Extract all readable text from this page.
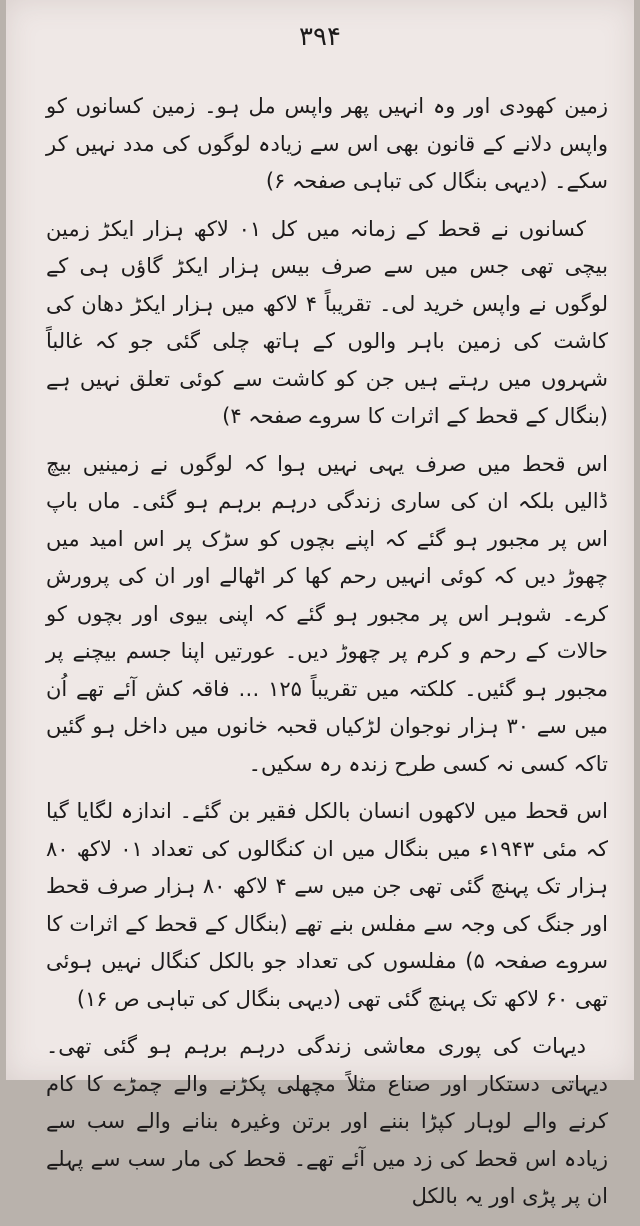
۳۹۴

زمین کھودی اور وہ انہیں پھر واپس مل ہو۔ زمین کسانوں کو واپس دلانے کے قانون بھی اس سے زیادہ لوگوں کی مدد نہیں کر سکے۔ (دیہی بنگال کی تباہی صفحہ ۶)

کسانوں نے قحط کے زمانہ میں کل ۰۱ لاکھ ہزار ایکڑ زمین بیچی تھی جس میں سے صرف بیس ہزار ایکڑ گاؤں ہی کے لوگوں نے واپس خرید لی۔ تقریباً ۴ لاکھ میں ہزار ایکڑ دھان کی کاشت کی زمین باہر والوں کے ہاتھ چلی گئی جو کہ غالباً شہروں میں رہتے ہیں جن کو کاشت سے کوئی تعلق نہیں ہے (بنگال کے قحط کے اثرات کا سروے صفحہ ۴)

اس قحط میں صرف یہی نہیں ہوا کہ لوگوں نے زمینیں بیچ ڈالیں بلکہ ان کی ساری زندگی درہم برہم ہو گئی۔ ماں باپ اس پر مجبور ہو گئے کہ اپنے بچوں کو سڑک پر اس امید میں چھوڑ دیں کہ کوئی انہیں رحم کھا کر اٹھالے اور ان کی پرورش کرے۔ شوہر اس پر مجبور ہو گئے کہ اپنی بیوی اور بچوں کو حالات کے رحم و کرم پر چھوڑ دیں۔ عورتیں اپنا جسم بیچنے پر مجبور ہو گئیں۔ کلکتہ میں تقریباً ۱۲۵ … فاقہ کش آئے تھے اُن میں سے ۳۰ ہزار نوجوان لڑکیاں قحبہ خانوں میں داخل ہو گئیں تاکہ کسی نہ کسی طرح زندہ رہ سکیں۔

اس قحط میں لاکھوں انسان بالکل فقیر بن گئے۔ اندازہ لگایا گیا کہ مئی ۱۹۴۳ء میں بنگال میں ان کنگالوں کی تعداد ۰۱ لاکھ ۸۰ ہزار تک پہنچ گئی تھی جن میں سے ۴ لاکھ ۸۰ ہزار صرف قحط اور جنگ کی وجہ سے مفلس بنے تھے (بنگال کے قحط کے اثرات کا سروے صفحہ ۵) مفلسوں کی تعداد جو بالکل کنگال نہیں ہوئی تھی ۶۰ لاکھ تک پہنچ گئی تھی (دیہی بنگال کی تباہی ص ۱۶)

دیہات کی پوری معاشی زندگی درہم برہم ہو گئی تھی۔ دیہاتی دستکار اور صناع مثلاً مچھلی پکڑنے والے چمڑے کا کام کرنے والے لوہار کپڑا بننے اور برتن وغیرہ بنانے والے سب سے زیادہ اس قحط کی زد میں آئے تھے۔ قحط کی مار سب سے پہلے ان پر پڑی اور یہ بالکل
